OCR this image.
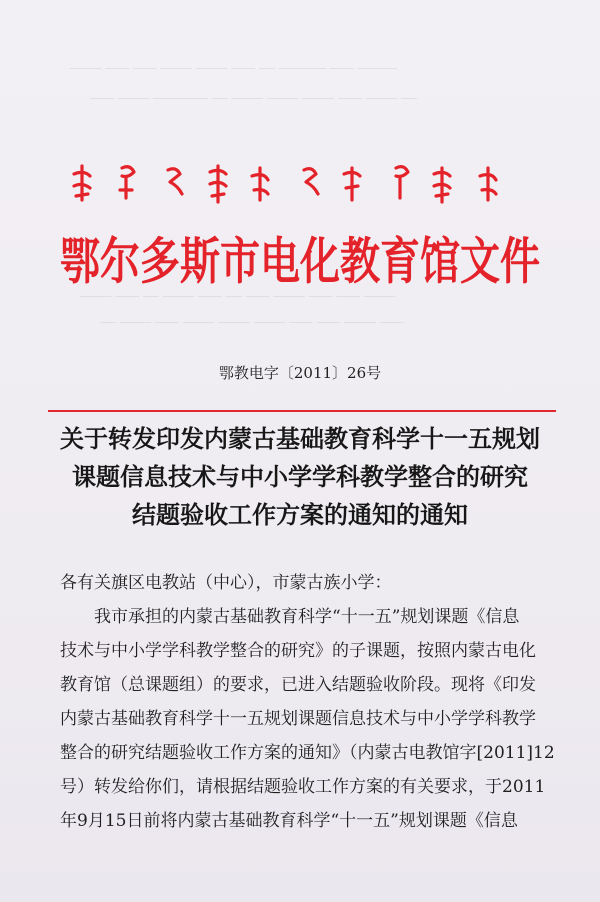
──── ─── ─── ──── ──── ─── ── ────── ─── ─────
─── ──── ─────── ── ──── ──── ──── ─── ──── ──
──── ─── ── ──── ─── ── ─── ──── ─── ─── ────
── ──── ─── ──── ──── ──── ─── ─── ──── ───
鄂尔多斯市电化教育馆文件
鄂教电字〔2011〕26号
关于转发印发内蒙古基础教育科学十一五规划
课题信息技术与中小学学科教学整合的研究
结题验收工作方案的通知的通知

各有关旗区电教站（中心），市蒙古族小学：

我市承担的内蒙古基础教育科学“十一五”规划课题《信息
技术与中小学学科教学整合的研究》的子课题，按照内蒙古电化
教育馆（总课题组）的要求，已进入结题验收阶段。现将《印发
内蒙古基础教育科学十一五规划课题信息技术与中小学学科教学
整合的研究结题验收工作方案的通知》（内蒙古电教馆字[2011]12
号）转发给你们，请根据结题验收工作方案的有关要求，于2011
年9月15日前将内蒙古基础教育科学“十一五”规划课题《信息
